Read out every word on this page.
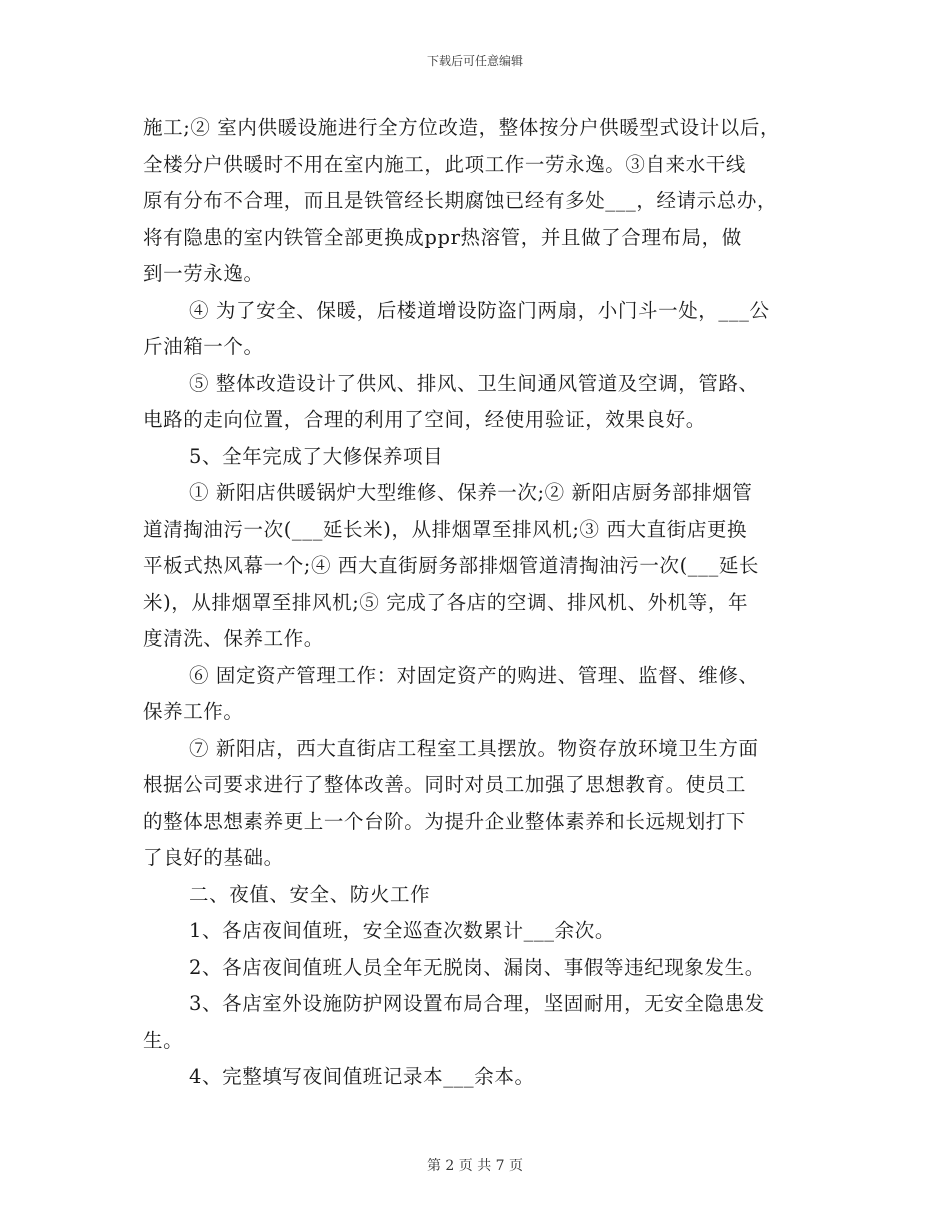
下载后可任意编辑
施工;② 室内供暖设施进行全方位改造，整体按分户供暖型式设计以后，
全楼分户供暖时不用在室内施工，此项工作一劳永逸。③自来水干线
原有分布不合理，而且是铁管经长期腐蚀已经有多处___，经请示总办，
将有隐患的室内铁管全部更换成ppr热溶管，并且做了合理布局，做
到一劳永逸。
④ 为了安全、保暖，后楼道增设防盗门两扇，小门斗一处，___公
斤油箱一个。
⑤ 整体改造设计了供风、排风、卫生间通风管道及空调，管路、
电路的走向位置，合理的利用了空间，经使用验证，效果良好。
5、全年完成了大修保养项目
① 新阳店供暖锅炉大型维修、保养一次;② 新阳店厨务部排烟管
道清掏油污一次(___延长米)，从排烟罩至排风机;③ 西大直街店更换
平板式热风幕一个;④ 西大直街厨务部排烟管道清掏油污一次(___延长
米)，从排烟罩至排风机;⑤ 完成了各店的空调、排风机、外机等，年
度清洗、保养工作。
⑥ 固定资产管理工作：对固定资产的购进、管理、监督、维修、
保养工作。
⑦ 新阳店，西大直街店工程室工具摆放。物资存放环境卫生方面
根据公司要求进行了整体改善。同时对员工加强了思想教育。使员工
的整体思想素养更上一个台阶。为提升企业整体素养和长远规划打下
了良好的基础。
二、夜值、安全、防火工作
1、各店夜间值班，安全巡查次数累计___余次。
2、各店夜间值班人员全年无脱岗、漏岗、事假等违纪现象发生。
3、各店室外设施防护网设置布局合理，坚固耐用，无安全隐患发
生。
4、完整填写夜间值班记录本___余本。
第 2 页 共 7 页
